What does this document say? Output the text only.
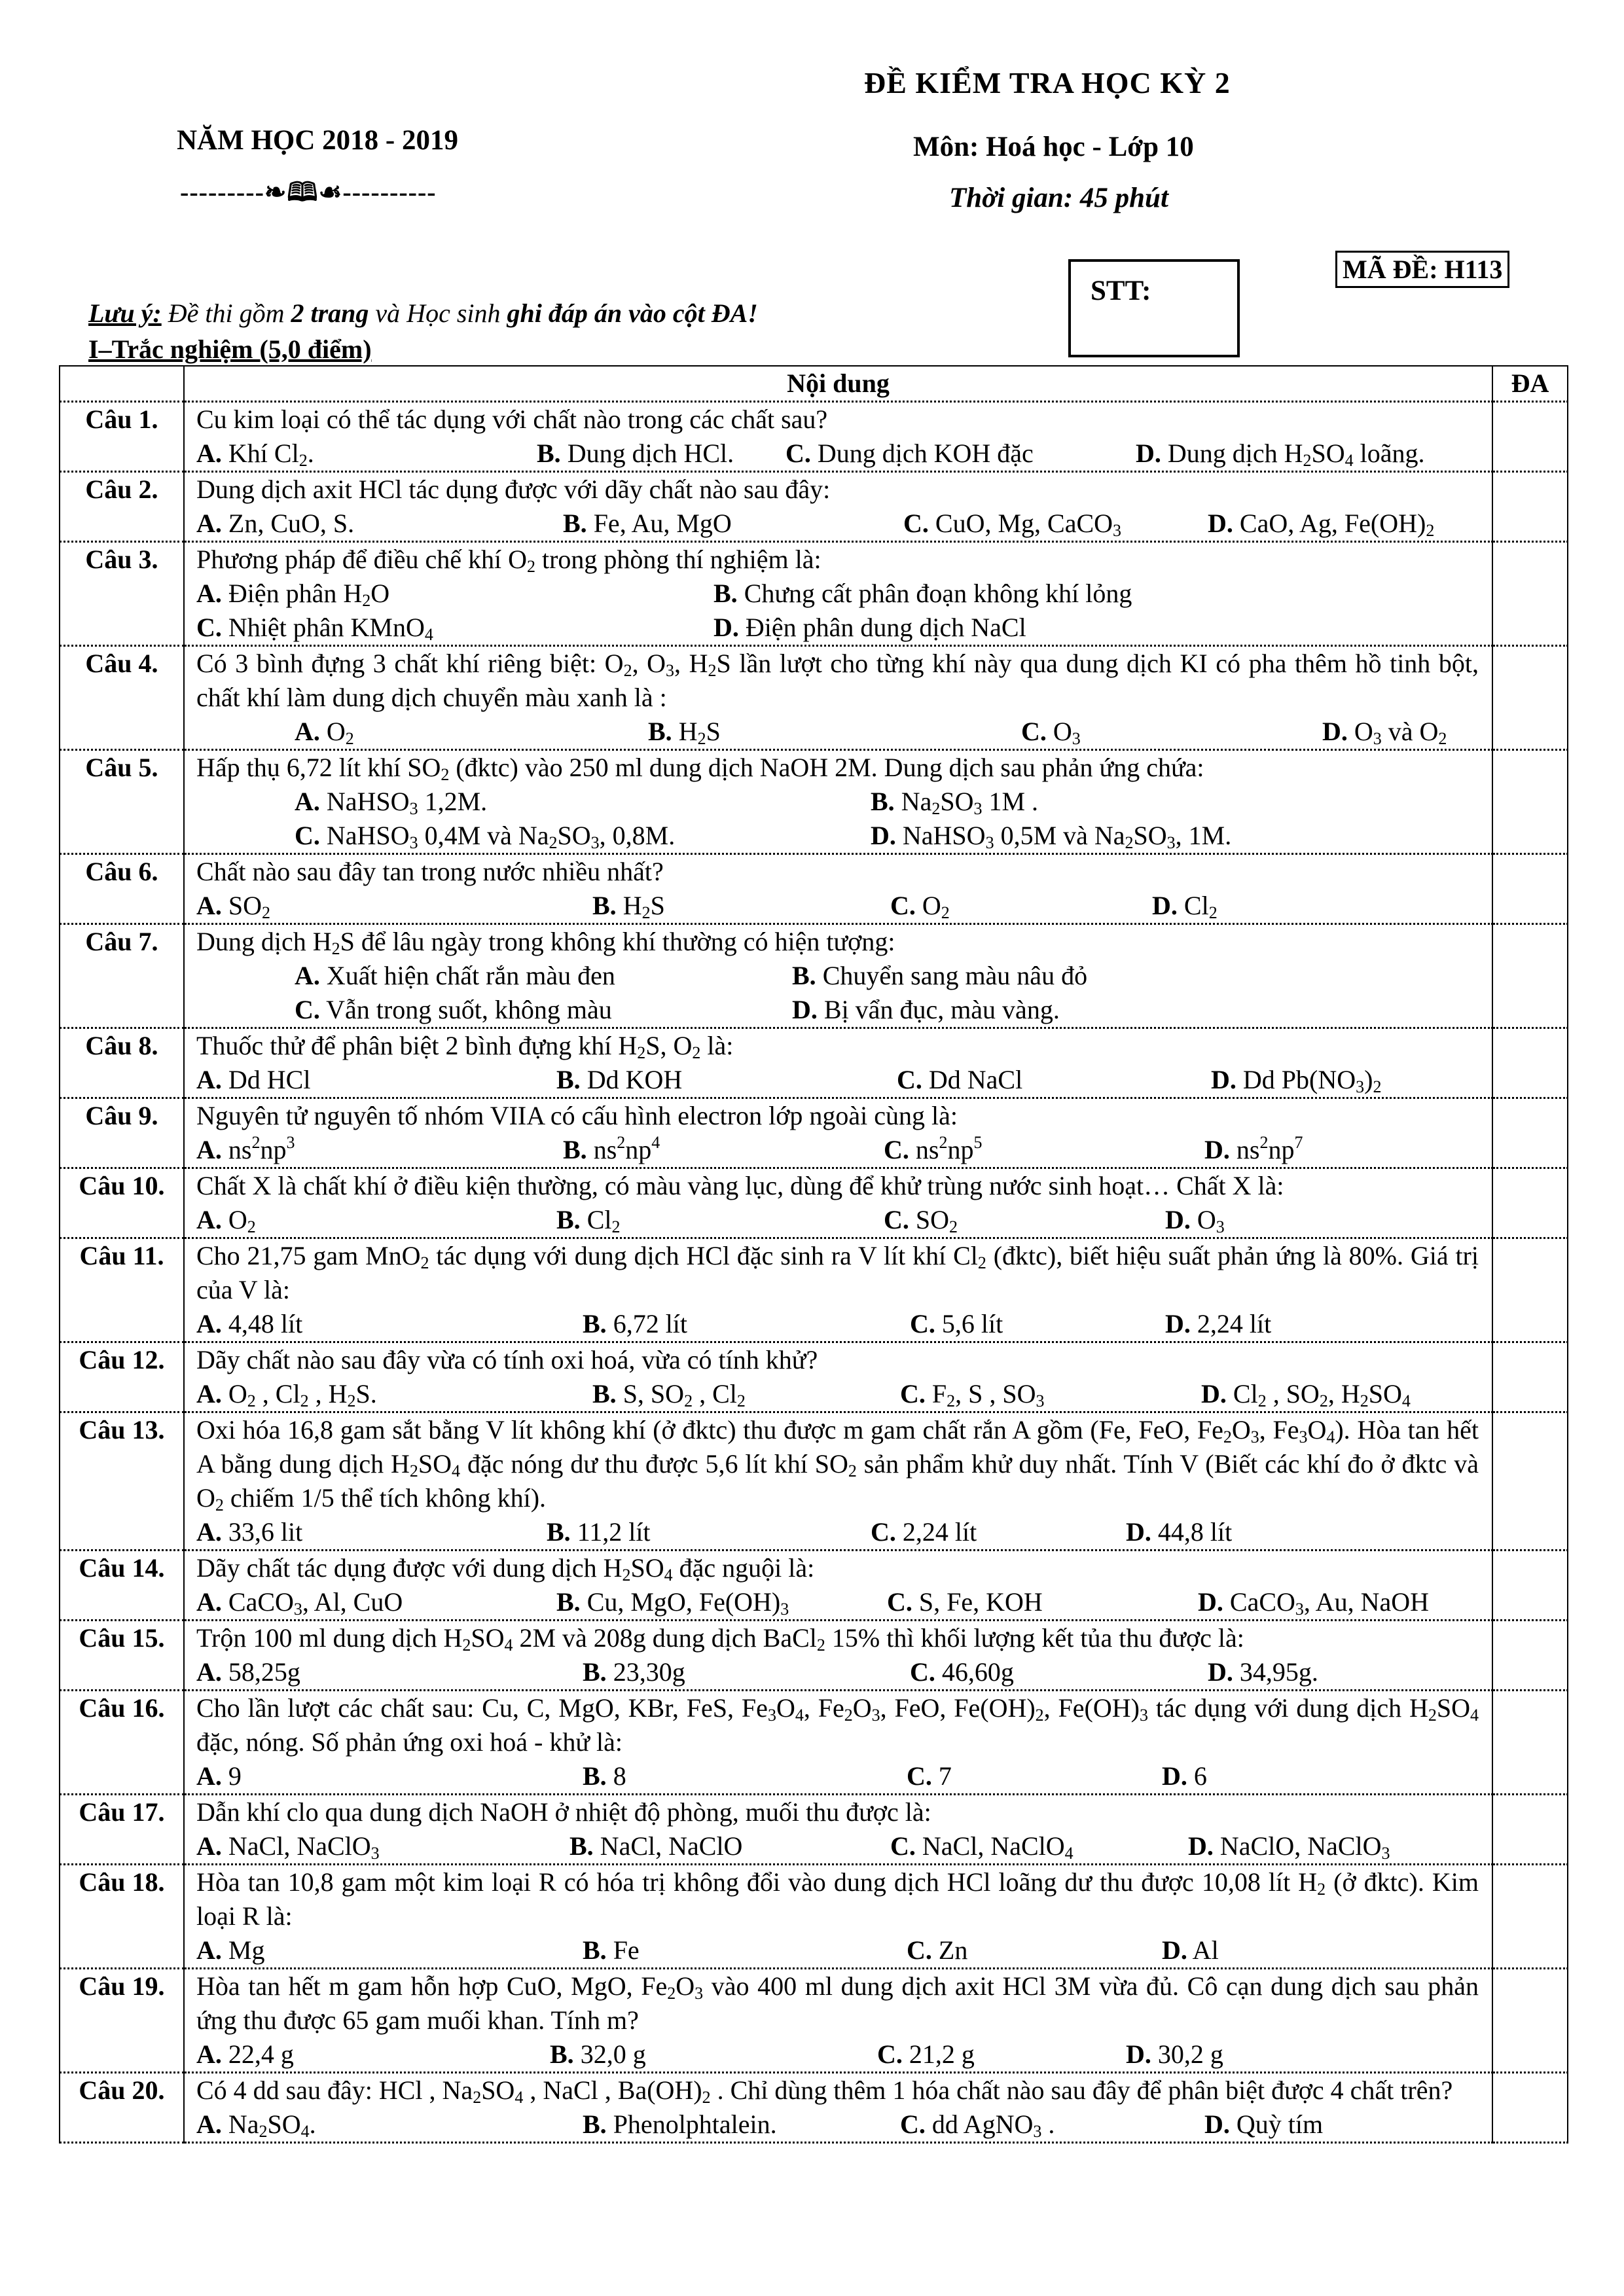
NĂM HỌC 2018 - 2019
---------❧🕮☙----------
ĐỀ KIỂM TRA HỌC KỲ 2
Môn: Hoá học - Lớp 10
Thời gian: 45 phút
STT:
MÃ ĐỀ: H113
Lưu ý: Đề thi gồm 2 trang và Học sinh ghi đáp án vào cột ĐA!
I–Trắc nghiệm (5,0 điểm)
	Nội dung	ĐA
Câu 1.	Cu kim loại có thể tác dụng với chất nào trong các chất sau?
A. Khí $Cl_2$. B. Dung dịch HCl. C. Dung dịch KOH đặc D. Dung dịch $H_2SO_4$ loãng.	

Câu 2.	Dung dịch axit HCl tác dụng được với dãy chất nào sau đây:
A. Zn, CuO, S. B. Fe, Au, MgO C. CuO, Mg, CaCO$_3$ D. CaO, Ag, $Fe(OH)_2$

Câu 3.	Phương pháp để điều chế khí $O_2$ trong phòng thí nghiệm là:
A. Điện phân $H_2O$ B. Chưng cất phân đoạn không khí lỏng
C. Nhiệt phân KMnO$_4$ D. Điện phân dung dịch NaCl	

Câu 4.	Có 3 bình đựng 3 chất khí riêng biệt: $O_2$, $O_3$, $H_2S$ lần lượt cho từng khí này qua dung dịch KI có pha thêm hồ tinh bột, chất khí làm dung dịch chuyển màu xanh là :
A. $O_2$ B. $H_2S$ C. $O_3$ D. $O_3$ và $O_2$

Câu 5.	Hấp thụ 6,72 lít khí $SO_2$ (đktc) vào 250 ml dung dịch NaOH 2M. Dung dịch sau phản ứng chứa:
A. NaHSO$_3$ 1,2M. B. $Na_2SO_3$ 1M .
C. NaHSO$_3$ 0,4M và $Na_2SO_3$, 0,8M. D. NaHSO$_3$ 0,5M và $Na_2SO_3$, 1M.	

Câu 6.	Chất nào sau đây tan trong nước nhiều nhất?
A. $SO_2$ B. $H_2S$ C. $O_2$ D. $Cl_2$

Câu 7.	Dung dịch $H_2S$ để lâu ngày trong không khí thường có hiện tượng:
A. Xuất hiện chất rắn màu đen B. Chuyển sang màu nâu đỏ
C. Vẫn trong suốt, không màu D. Bị vẩn đục, màu vàng.	

Câu 8.	Thuốc thử để phân biệt 2 bình đựng khí $H_2S$, $O_2$ là:
A. Dd HCl B. Dd KOH C. Dd NaCl D. Dd $Pb(NO_3)_2$

Câu 9.	Nguyên tử nguyên tố nhóm VIIA có cấu hình electron lớp ngoài cùng là:
A. $ns^2np^3$ B. $ns^2np^4$ C. $ns^2np^5$ D. $ns^2np^7$

Câu 10.	Chất X là chất khí ở điều kiện thường, có màu vàng lục, dùng để khử trùng nước sinh hoạt… Chất X là:
A. $O_2$ B. $Cl_2$ C. $SO_2$ D. $O_3$

Câu 11.	Cho 21,75 gam MnO$_2$ tác dụng với dung dịch HCl đặc sinh ra V lít khí $Cl_2$ (đktc), biết hiệu suất phản ứng là 80%. Giá trị của V là:
A. 4,48 lít B. 6,72 lít C. 5,6 lít D. 2,24 lít	

Câu 12.	Dãy chất nào sau đây vừa có tính oxi hoá, vừa có tính khử?
A. $O_2$ , $Cl_2$ , $H_2S$. B. S, $SO_2$ , $Cl_2$ C. $F_2$, S , $SO_3$ D. $Cl_2$ , $SO_2$, $H_2SO_4$

Câu 13.	Oxi hóa 16,8 gam sắt bằng V lít không khí (ở đktc) thu được m gam chất rắn A gồm (Fe, FeO, $Fe_2O_3$, $Fe_3O_4$). Hòa tan hết A bằng dung dịch $H_2SO_4$ đặc nóng dư thu được 5,6 lít khí $SO_2$ sản phẩm khử duy nhất. Tính V (Biết các khí đo ở đktc và $O_2$ chiếm 1/5 thể tích không khí).
A. 33,6 lit B. 11,2 lít C. 2,24 lít D. 44,8 lít	

Câu 14.	Dãy chất tác dụng được với dung dịch $H_2SO_4$ đặc nguội là:
A. CaCO$_3$, Al, CuO B. Cu, MgO, $Fe(OH)_3$ C. S, Fe, KOH D. CaCO$_3$, Au, NaOH	

Câu 15.	Trộn 100 ml dung dịch $H_2SO_4$ 2M và 208g dung dịch BaCl$_2$ 15% thì khối lượng kết tủa thu được là:
A. 58,25g B. 23,30g C. 46,60g D. 34,95g.	

Câu 16.	Cho lần lượt các chất sau: Cu, C, MgO, KBr, FeS, $Fe_3O_4$, $Fe_2O_3$, FeO, $Fe(OH)_2$, $Fe(OH)_3$ tác dụng với dung dịch $H_2SO_4$ đặc, nóng. Số phản ứng oxi hoá - khử là:
A. 9 B. 8 C. 7 D. 6	

Câu 17.	Dẫn khí clo qua dung dịch NaOH ở nhiệt độ phòng, muối thu được là:
A. NaCl, NaClO$_3$ B. NaCl, NaClO C. NaCl, NaClO$_4$ D. NaClO, NaClO$_3$

Câu 18.	Hòa tan 10,8 gam một kim loại R có hóa trị không đổi vào dung dịch HCl loãng dư thu được 10,08 lít $H_2$ (ở đktc). Kim loại R là:
A. Mg B. Fe C. Zn D. Al	

Câu 19.	Hòa tan hết m gam hỗn hợp CuO, MgO, $Fe_2O_3$ vào 400 ml dung dịch axit HCl 3M vừa đủ. Cô cạn dung dịch sau phản ứng thu được 65 gam muối khan. Tính m?
A. 22,4 g B. 32,0 g C. 21,2 g D. 30,2 g	

Câu 20.	Có 4 dd sau đây: HCl , $Na_2SO_4$ , NaCl , $Ba(OH)_2$ . Chỉ dùng thêm 1 hóa chất nào sau đây để phân biệt được 4 chất trên?
A. $Na_2SO_4$. B. Phenolphtalein. C. dd AgNO$_3$ . D. Quỳ tím	
